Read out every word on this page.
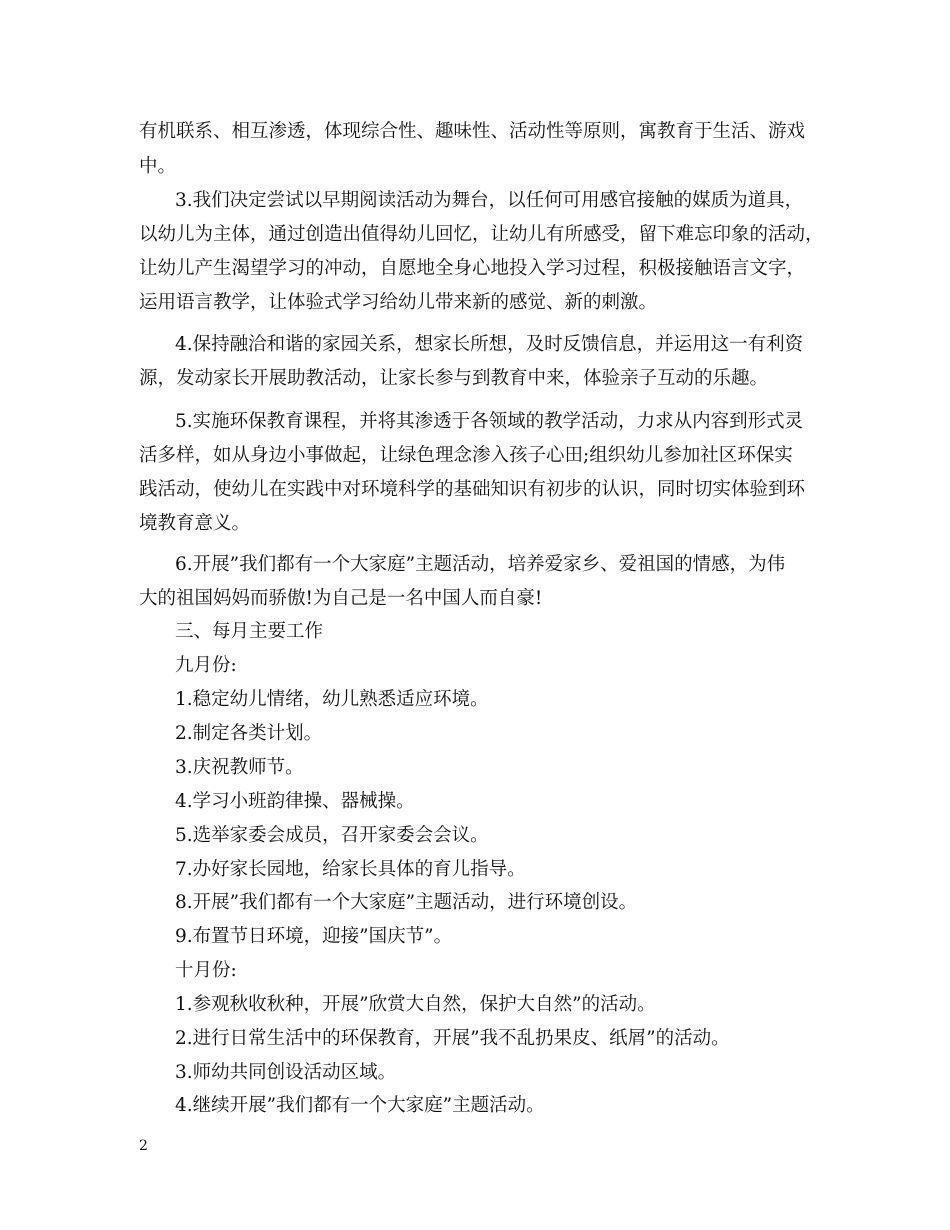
有机联系、相互渗透，体现综合性、趣味性、活动性等原则，寓教育于生活、游戏
中。
3.我们决定尝试以早期阅读活动为舞台，以任何可用感官接触的媒质为道具，
以幼儿为主体，通过创造出值得幼儿回忆，让幼儿有所感受，留下难忘印象的活动，
让幼儿产生渴望学习的冲动，自愿地全身心地投入学习过程，积极接触语言文字，
运用语言教学，让体验式学习给幼儿带来新的感觉、新的刺激。
4.保持融洽和谐的家园关系，想家长所想，及时反馈信息，并运用这一有利资
源，发动家长开展助教活动，让家长参与到教育中来，体验亲子互动的乐趣。
5.实施环保教育课程，并将其渗透于各领域的教学活动，力求从内容到形式灵
活多样，如从身边小事做起，让绿色理念渗入孩子心田;组织幼儿参加社区环保实
践活动，使幼儿在实践中对环境科学的基础知识有初步的认识，同时切实体验到环
境教育意义。
6.开展”我们都有一个大家庭”主题活动，培养爱家乡、爱祖国的情感，为伟
大的祖国妈妈而骄傲!为自己是一名中国人而自豪!
三、每月主要工作
九月份:
1.稳定幼儿情绪，幼儿熟悉适应环境。
2.制定各类计划。
3.庆祝教师节。
4.学习小班韵律操、器械操。
5.选举家委会成员，召开家委会会议。
7.办好家长园地，给家长具体的育儿指导。
8.开展”我们都有一个大家庭”主题活动，进行环境创设。
9.布置节日环境，迎接”国庆节”。
十月份:
1.参观秋收秋种，开展”欣赏大自然，保护大自然”的活动。
2.进行日常生活中的环保教育，开展”我不乱扔果皮、纸屑”的活动。
3.师幼共同创设活动区域。
4.继续开展”我们都有一个大家庭”主题活动。
2
